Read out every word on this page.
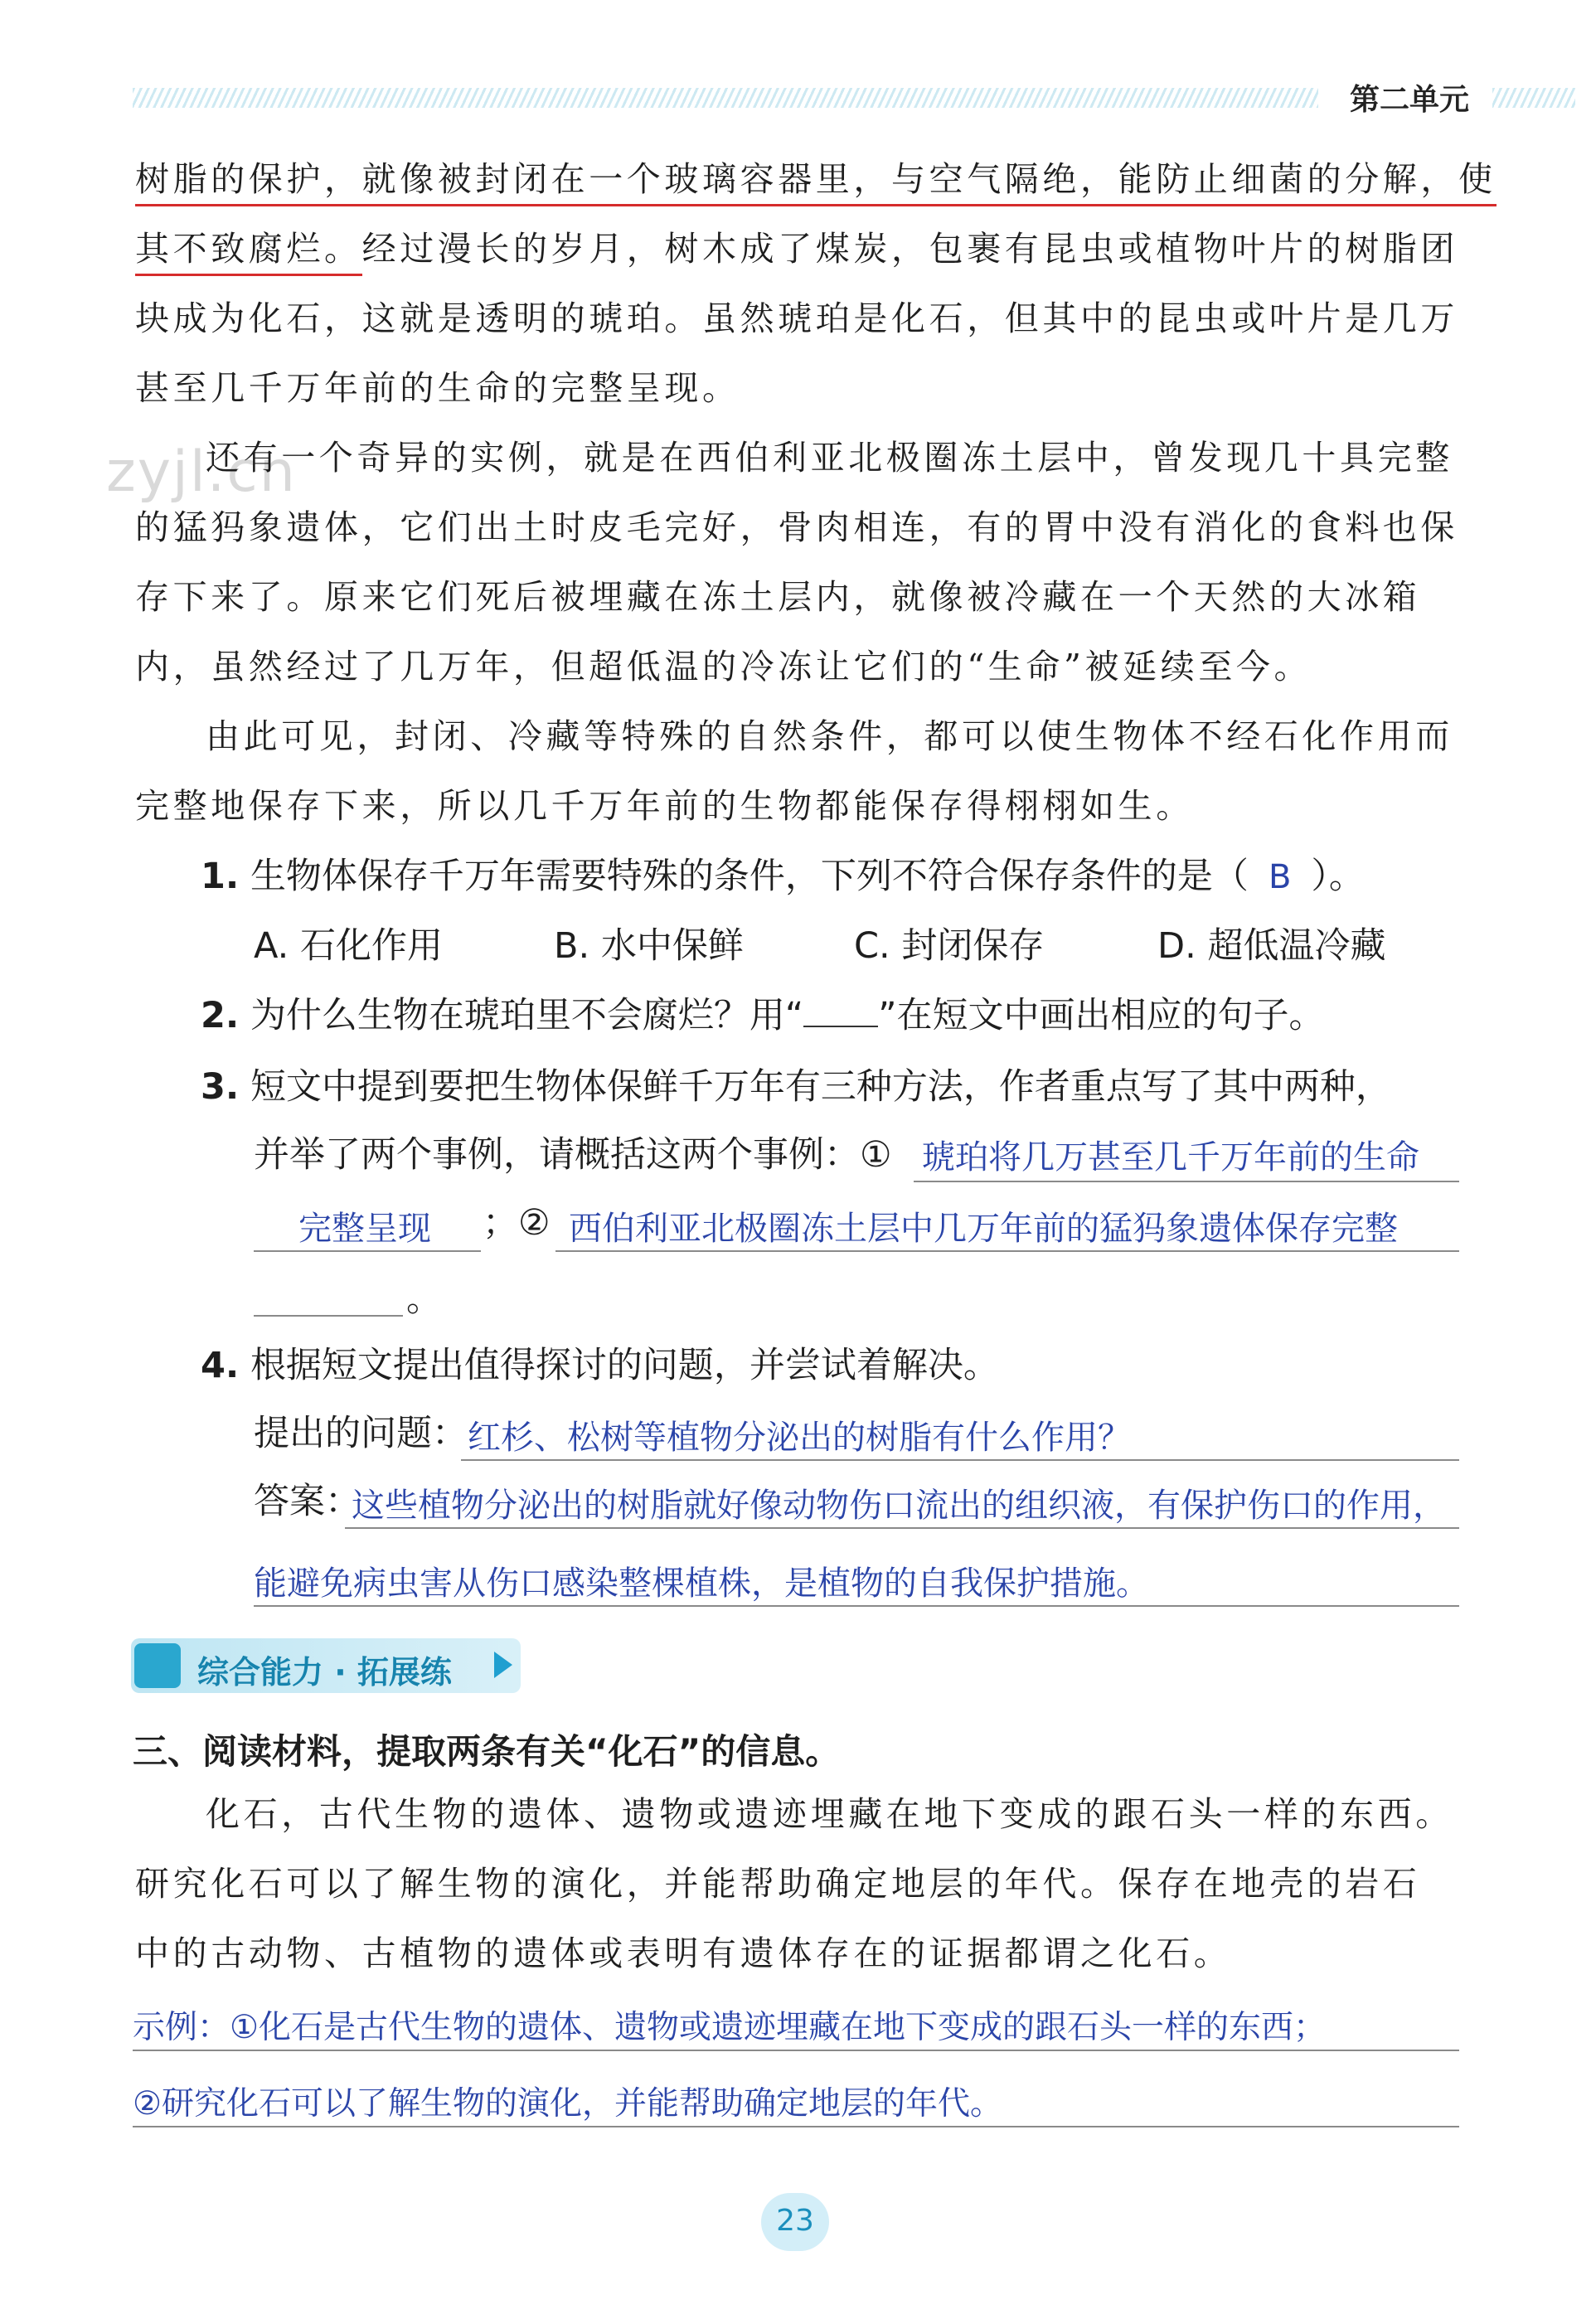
第二单元
zyjl.cn
树脂的保护，就像被封闭在一个玻璃容器里，与空气隔绝，能防止细菌的分解，使
其不致腐烂。经过漫长的岁月，树木成了煤炭，包裹有昆虫或植物叶片的树脂团
块成为化石，这就是透明的琥珀。虽然琥珀是化石，但其中的昆虫或叶片是几万
甚至几千万年前的生命的完整呈现。
还有一个奇异的实例，就是在西伯利亚北极圈冻土层中，曾发现几十具完整
的猛犸象遗体，它们出土时皮毛完好，骨肉相连，有的胃中没有消化的食料也保
存下来了。原来它们死后被埋藏在冻土层内，就像被冷藏在一个天然的大冰箱
内，虽然经过了几万年，但超低温的冷冻让它们的“生命”被延续至今。
由此可见，封闭、冷藏等特殊的自然条件，都可以使生物体不经石化作用而
完整地保存下来，所以几千万年前的生物都能保存得栩栩如生。
1. 生物体保存千万年需要特殊的条件，下列不符合保存条件的是（ B ）。
A. 石化作用	B. 水中保鲜	C. 封闭保存	D. 超低温冷藏
2. 为什么生物在琥珀里不会腐烂？用“ ”在短文中画出相应的句子。
3. 短文中提到要把生物体保鲜千万年有三种方法，作者重点写了其中两种，
并举了两个事例，请概括这两个事例：① 琥珀将几万甚至几千万年前的生命
完整呈现 ；② 西伯利亚北极圈冻土层中几万年前的猛犸象遗体保存完整
。
4. 根据短文提出值得探讨的问题，并尝试着解决。
提出的问题： 红杉、松树等植物分泌出的树脂有什么作用？
答案：
这些植物分泌出的树脂就好像动物伤口流出的组织液，有保护伤口的作用，
能避免病虫害从伤口感染整棵植株，是植物的自我保护措施。
综合能力 · 拓展练
三、阅读材料，提取两条有关“化石”的信息。
化石，古代生物的遗体、遗物或遗迹埋藏在地下变成的跟石头一样的东西。
研究化石可以了解生物的演化，并能帮助确定地层的年代。保存在地壳的岩石
中的古动物、古植物的遗体或表明有遗体存在的证据都谓之化石。
示例：①化石是古代生物的遗体、遗物或遗迹埋藏在地下变成的跟石头一样的东西；
②研究化石可以了解生物的演化，并能帮助确定地层的年代。
23
